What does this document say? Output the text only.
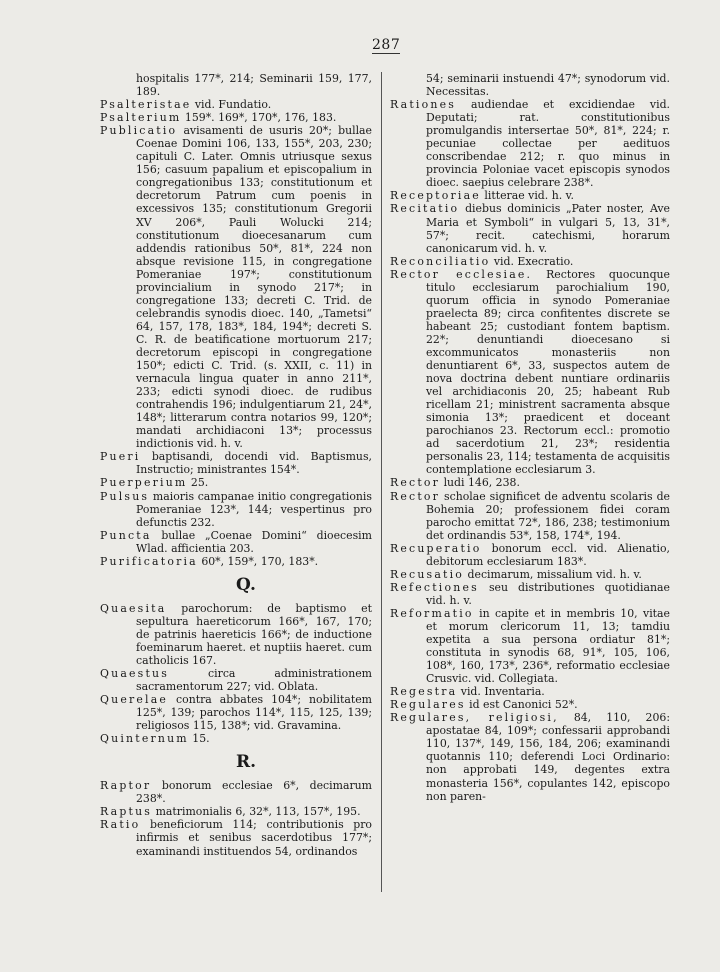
287

hospitalis 177*, 214; Seminarii 159, 177, 189.

Psalteristae vid. Fundatio.

Psalterium 159*. 169*, 170*, 176, 183.

Publicatio avisamenti de usuris 20*; bullae Coenae Domini 106, 133, 155*, 203, 230; capituli C. Later. Omnis utriusque sexus 156; casuum papalium et episcopalium in congregationibus 133; constitutionum et decretorum Patrum cum poenis in excessivos 135; constitutionum Gregorii XV 206*, Pauli Wolucki 214; constitutionum dioecesanarum cum addendis rationibus 50*, 81*, 224 non absque revisione 115, in congregatione Pomeraniae 197*; constitutionum provincialium in synodo 217*; in congregatione 133; decreti C. Trid. de celebrandis synodis dioec. 140, „Tametsi“ 64, 157, 178, 183*, 184, 194*; decreti S. C. R. de beatificatione mortuorum 217; decretorum episcopi in congregatione 150*; edicti C. Trid. (s. XXII, c. 11) in vernacula lingua quater in anno 211*, 233; edicti synodi dioec. de rudibus contrahendis 196; indulgentiarum 21, 24*, 148*; litterarum contra notarios 99, 120*; mandati archidiaconi 13*; processus indictionis vid. h. v.

Pueri baptisandi, docendi vid. Baptismus, Instructio; ministrantes 154*.

Puerperium 25.

Pulsus maioris campanae initio congregationis Pomeraniae 123*, 144; vespertinus pro defunctis 232.

Puncta bullae „Coenae Domini“ dioecesim Wlad. afficientia 203.

Purificatoria 60*, 159*, 170, 183*.

Q.

Quaesita parochorum: de baptismo et sepultura haereticorum 166*, 167, 170; de patrinis haereticis 166*; de inductione foeminarum haeret. et nuptiis haeret. cum catholicis 167.

Quaestus	circa administrationem sacramentorum 227; vid. Oblata.

Querelae contra abbates 104*; nobilitatem 125*, 139; parochos 114*, 115, 125, 139; religiosos 115, 138*; vid. Gravamina.

Quinternum 15.

R.

Raptor bonorum ecclesiae 6*, decimarum 238*.

Raptus matrimonialis 6, 32*, 113, 157*, 195.

Ratio beneficiorum 114; contributionis pro infirmis et senibus sacerdotibus 177*; examinandi instituendos 54, ordinandos

54; seminarii instuendi 47*; synodorum vid. Necessitas.

Rationes audiendae et excidiendae vid. Deputati; rat. constitutionibus promulgandis intersertae 50*, 81*, 224; r. pecuniae collectae per aedituos conscribendae 212; r. quo minus in provincia Poloniae vacet episcopis synodos dioec. saepius celebrare 238*.

Receptoriae litterae vid. h. v.

Recitatio diebus dominicis „Pater noster, Ave Maria et Symboli“ in vulgari 5, 13, 31*, 57*; recit. catechismi, horarum canonicarum vid. h. v.

Reconciliatio vid. Execratio.

Rector ecclesiae. Rectores quocunque titulo ecclesiarum parochialium 190, quorum officia in synodo Pomeraniae praelecta 89; circa confitentes discrete se habeant 25; custodiant fontem baptism. 22*; denuntiandi dioecesano si excommunicatos monasteriis non denuntiarent 6*, 33, suspectos autem de nova doctrina debent nuntiare ordinariis vel archidiaconis 20, 25; habeant Rub ricellam 21; ministrent sacramenta absque simonia 13*; praedicent et doceant parochianos 23. Rectorum eccl.: promotio ad sacerdotium 21, 23*; residentia personalis 23, 114; testamenta de acquisitis contemplatione ecclesiarum 3.

Rector ludi 146, 238.

Rector scholae significet de adventu scolaris de Bohemia 20; professionem fidei coram parocho emittat 72*, 186, 238; testimonium det ordinandis 53*, 158, 174*, 194.

Recuperatio bonorum eccl. vid. Alienatio, debitorum ecclesiarum 183*.

Recusatio decimarum, missalium vid. h. v.

Refectiones seu distributiones quotidianae vid. h. v.

Reformatio in capite et in membris 10, vitae et morum clericorum 11, 13; tamdiu expetita a sua persona ordiatur 81*; constituta in synodis 68, 91*, 105, 106, 108*, 160, 173*, 236*, reformatio ecclesiae Crusvic. vid. Collegiata.

Regestra vid. Inventaria.

Regulares id est Canonici 52*.

Regulares, religiosi, 84, 110, 206: apostatae 84, 109*; confessarii approbandi 110, 137*, 149, 156, 184, 206; examinandi quotannis 110; deferendi Loci Ordinario: non approbati 149, degentes extra monasteria 156*, copulantes 142, episcopo non paren-
